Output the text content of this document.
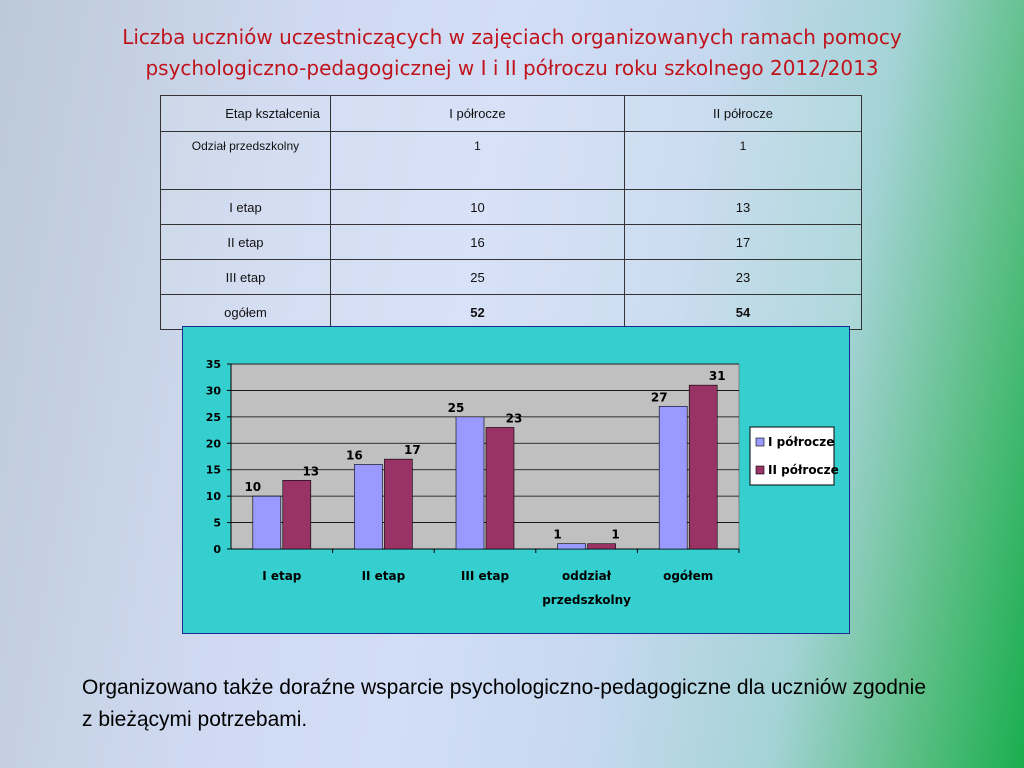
Liczba uczniów uczestniczących w zajęciach organizowanych ramach pomocy psychologiczno-pedagogicznej w I i II półroczu roku szkolnego 2012/2013
Etap kształcenia	I półrocze	II półrocze
Odział przedszkolny	1	1
I etap	10	13
II etap	16	17
III etap	25	23
ogółem	52	54
0
5
10
15
20
25
30
35
10
13
I etap
16	17
II etap
25
23
III etap
1	1
oddział
przedszkolny
27
31
ogółem
I półrocze
II półrocze
Organizowano także doraźne wsparcie psychologiczno-pedagogiczne dla uczniów zgodnie z bieżącymi potrzebami.
